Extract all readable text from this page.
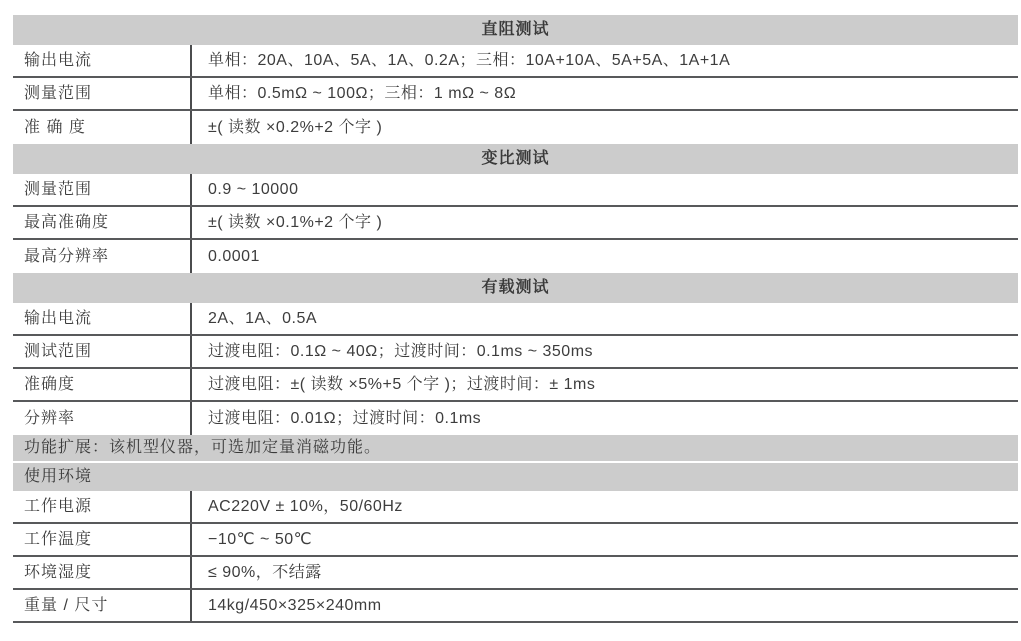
直阻测试
输出电流	单相：20A、10A、5A、1A、0.2A；三相：10A+10A、5A+5A、1A+1A
测量范围	单相：0.5mΩ ~ 100Ω；三相：1 mΩ ~ 8Ω
准 确 度	±( 读数 ×0.2%+2 个字 )
变比测试
测量范围	0.9 ~ 10000
最高准确度	±( 读数 ×0.1%+2 个字 )
最高分辨率	0.0001
有载测试
输出电流	2A、1A、0.5A
测试范围	过渡电阻：0.1Ω ~ 40Ω；过渡时间：0.1ms ~ 350ms
准确度	过渡电阻：±( 读数 ×5%+5 个字 )；过渡时间：± 1ms
分辨率	过渡电阻：0.01Ω；过渡时间：0.1ms
功能扩展：该机型仪器，可选加定量消磁功能。
使用环境
工作电源	AC220V ± 10%，50/60Hz
工作温度	−10℃ ~ 50℃
环境湿度	≤ 90%，不结露
重量 / 尺寸	14kg/450×325×240mm
